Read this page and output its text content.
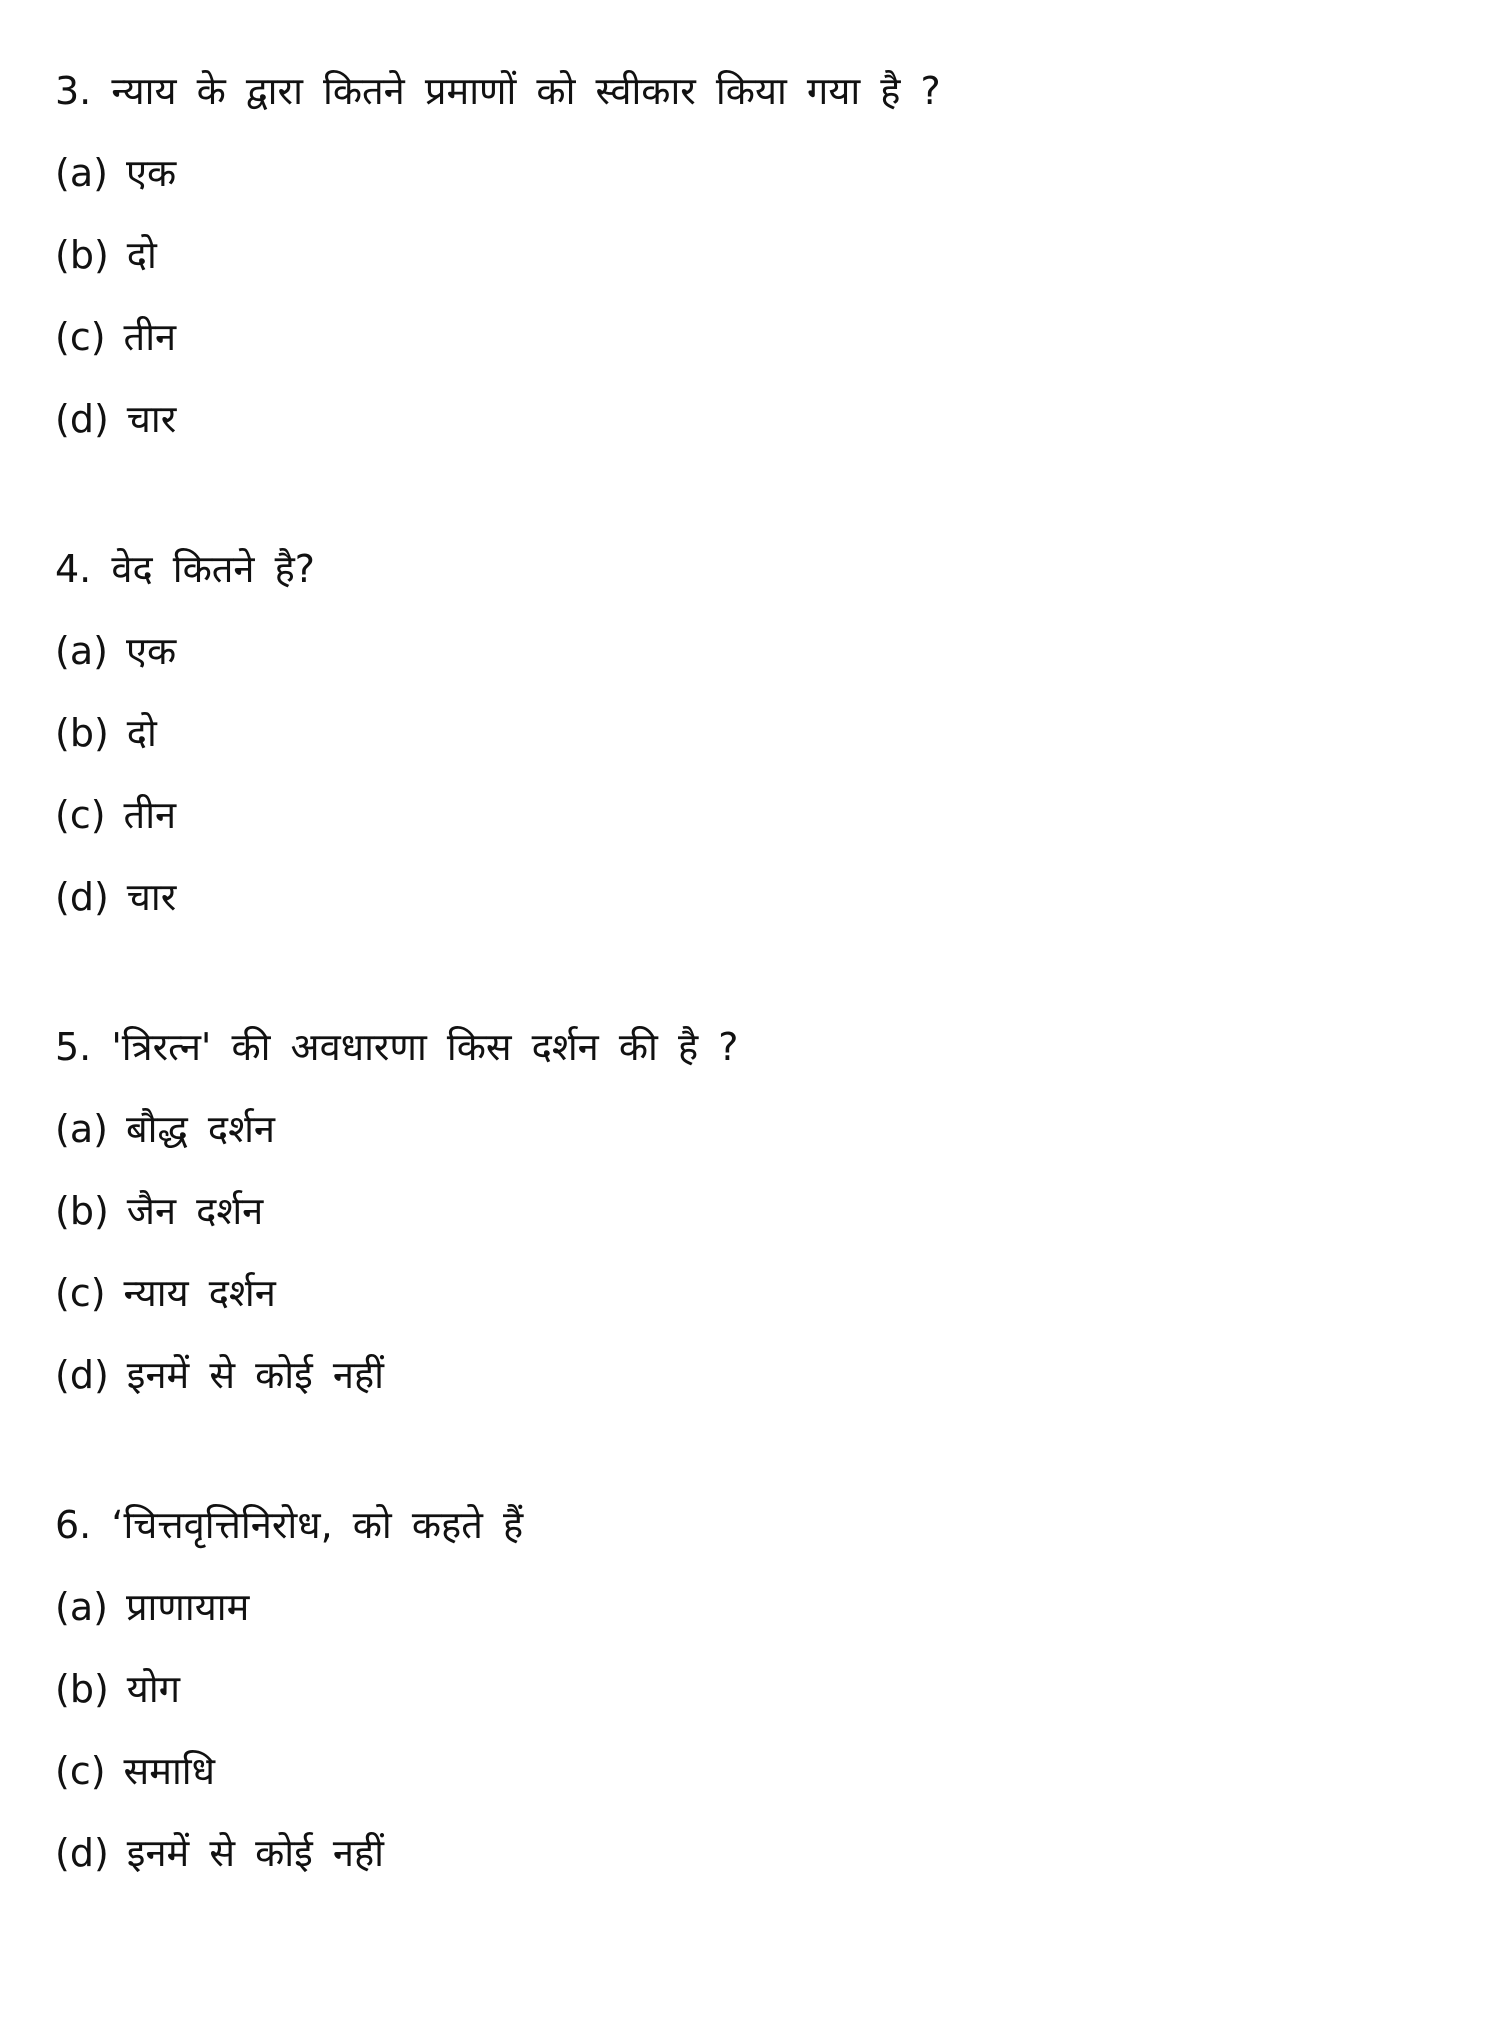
3. न्याय के द्वारा कितने प्रमाणों को स्वीकार किया गया है ?
(a) एक
(b) दो
(c) तीन
(d) चार
4. वेद कितने है?
(a) एक
(b) दो
(c) तीन
(d) चार
5. 'त्रिरत्न' की अवधारणा किस दर्शन की है ?
(a) बौद्ध दर्शन
(b) जैन दर्शन
(c) न्याय दर्शन
(d) इनमें से कोई नहीं
6. ‘चित्तवृत्तिनिरोध, को कहते हैं
(a) प्राणायाम
(b) योग
(c) समाधि
(d) इनमें से कोई नहीं
